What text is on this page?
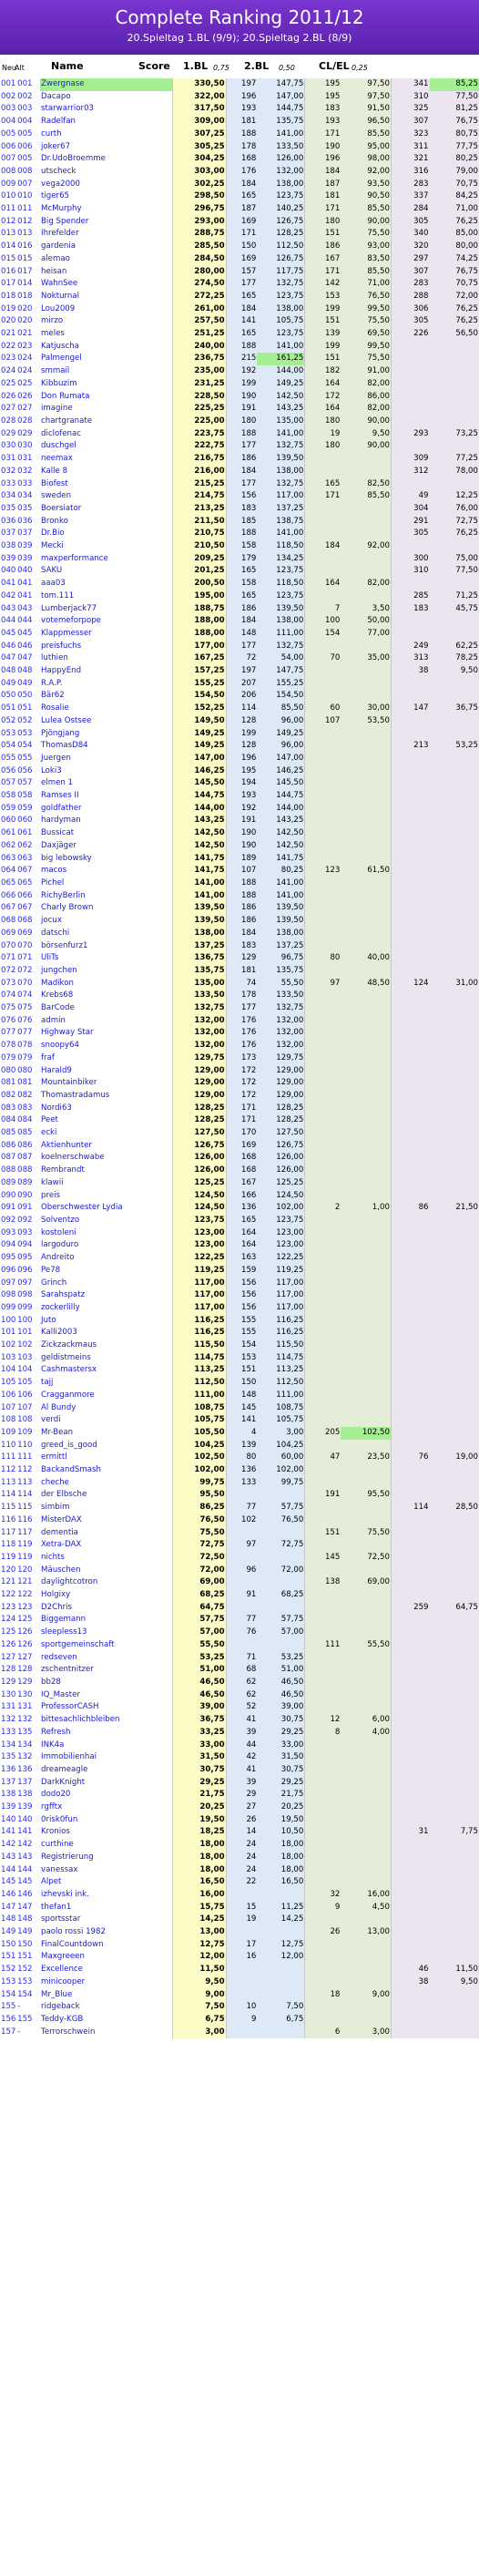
Complete Ranking 2011/12
20.Spieltag 1.BL (9/9); 20.Spieltag 2.BL (8/9)
Neu
Alt	Name	Score 1.BL 0,75 2.BL 0,50 CL/EL 0,25
001	001	Zwergnase	330,50	197	147,75	195	97,50	341	85,25
002	002	Dacapo	322,00	196	147,00	195	97,50	310	77,50
003	003	starwarrior03	317,50	193	144,75	183	91,50	325	81,25
004	004	Radelfan	309,00	181	135,75	193	96,50	307	76,75
005	005	curth	307,25	188	141,00	171	85,50	323	80,75
006	006	joker67	305,25	178	133,50	190	95,00	311	77,75
007	005	Dr.UdoBroemme	304,25	168	126,00	196	98,00	321	80,25
008	008	utscheck	303,00	176	132,00	184	92,00	316	79,00
009	007	vega2000	302,25	184	138,00	187	93,50	283	70,75
010	010	tiger65	298,50	165	123,75	181	90,50	337	84,25
011	011	McMurphy	296,75	187	140,25	171	85,50	284	71,00
012	012	Big Spender	293,00	169	126,75	180	90,00	305	76,25
013	013	Ihrefelder	288,75	171	128,25	151	75,50	340	85,00
014	016	gardenia	285,50	150	112,50	186	93,00	320	80,00
015	015	alemao	284,50	169	126,75	167	83,50	297	74,25
016	017	heisan	280,00	157	117,75	171	85,50	307	76,75
017	014	WahnSee	274,50	177	132,75	142	71,00	283	70,75
018	018	Nokturnal	272,25	165	123,75	153	76,50	288	72,00
019	020	Lou2009	261,00	184	138,00	199	99,50	306	76,25
020	020	mirzo	257,50	141	105,75	151	75,50	305	76,25
021	021	meles	251,25	165	123,75	139	69,50	226	56,50
022	023	Katjuscha	240,00	188	141,00	199	99,50		
023	024	Palmengel	236,75	215	161,25	151	75,50		
024	024	smmail	235,00	192	144,00	182	91,00		
025	025	Kibbuzim	231,25	199	149,25	164	82,00		
026	026	Don Rumata	228,50	190	142,50	172	86,00		
027	027	imagine	225,25	191	143,25	164	82,00		
028	028	chartgranate	225,00	180	135,00	180	90,00		
029	029	diclofenac	223,75	188	141,00	19	9,50	293	73,25
030	030	duschgel	222,75	177	132,75	180	90,00		
031	031	neemax	216,75	186	139,50			309	77,25
032	032	Kalle 8	216,00	184	138,00			312	78,00
033	033	Biofest	215,25	177	132,75	165	82,50		
034	034	sweden	214,75	156	117,00	171	85,50	49	12,25
035	035	Boersiator	213,25	183	137,25			304	76,00
036	036	Bronko	211,50	185	138,75			291	72,75
037	037	Dr.Bio	210,75	188	141,00			305	76,25
038	039	Mecki	210,50	158	118,50	184	92,00		
039	039	maxperformance	209,25	179	134,25			300	75,00
040	040	SAKU	201,25	165	123,75			310	77,50
041	041	aaa03	200,50	158	118,50	164	82,00		
042	041	tom.111	195,00	165	123,75			285	71,25
043	043	Lumberjack77	188,75	186	139,50	7	3,50	183	45,75
044	044	votemeforpope	188,00	184	138,00	100	50,00		
045	045	Klappmesser	188,00	148	111,00	154	77,00		
046	046	preisfuchs	177,00	177	132,75			249	62,25
047	047	luthien	167,25	72	54,00	70	35,00	313	78,25
048	048	HappyEnd	157,25	197	147,75			38	9,50
049	049	R.A.P.	155,25	207	155,25				
050	050	Bär62	154,50	206	154,50				
051	051	Rosalie	152,25	114	85,50	60	30,00	147	36,75
052	052	Lulea Ostsee	149,50	128	96,00	107	53,50		
053	053	Pjöngjang	149,25	199	149,25				
054	054	ThomasD84	149,25	128	96,00			213	53,25
055	055	Juergen	147,00	196	147,00				
056	056	Loki3	146,25	195	146,25				
057	057	elmen 1	145,50	194	145,50				
058	058	Ramses II	144,75	193	144,75				
059	059	goldfather	144,00	192	144,00				
060	060	hardyman	143,25	191	143,25				
061	061	Bussicat	142,50	190	142,50				
062	062	Daxjäger	142,50	190	142,50				
063	063	big lebowsky	141,75	189	141,75				
064	067	macos	141,75	107	80,25	123	61,50		
065	065	Pichel	141,00	188	141,00				
066	066	RichyBerlin	141,00	188	141,00				
067	067	Charly Brown	139,50	186	139,50				
068	068	jocux	139,50	186	139,50				
069	069	datschi	138,00	184	138,00				
070	070	börsenfurz1	137,25	183	137,25				
071	071	UliTs	136,75	129	96,75	80	40,00		
072	072	jungchen	135,75	181	135,75				
073	070	Madikon	135,00	74	55,50	97	48,50	124	31,00
074	074	Krebs68	133,50	178	133,50				
075	075	BarCode	132,75	177	132,75				
076	076	admin	132,00	176	132,00				
077	077	Highway Star	132,00	176	132,00				
078	078	snoopy64	132,00	176	132,00				
079	079	fraf	129,75	173	129,75				
080	080	Harald9	129,00	172	129,00				
081	081	Mountainbiker	129,00	172	129,00				
082	082	Thomastradamus	129,00	172	129,00				
083	083	Nordi63	128,25	171	128,25				
084	084	Peet	128,25	171	128,25				
085	085	ecki	127,50	170	127,50				
086	086	Aktienhunter	126,75	169	126,75				
087	087	koelnerschwabe	126,00	168	126,00				
088	088	Rembrandt	126,00	168	126,00				
089	089	klawii	125,25	167	125,25				
090	090	preis	124,50	166	124,50				
091	091	Oberschwester Lydia	124,50	136	102,00	2	1,00	86	21,50
092	092	Solventzo	123,75	165	123,75				
093	093	kostoleni	123,00	164	123,00				
094	094	largoduro	123,00	164	123,00				
095	095	Andreito	122,25	163	122,25				
096	096	Pe78	119,25	159	119,25				
097	097	Grinch	117,00	156	117,00				
098	098	Sarahspatz	117,00	156	117,00				
099	099	zockerlilly	117,00	156	117,00				
100	100	Juto	116,25	155	116,25				
101	101	Kalli2003	116,25	155	116,25				
102	102	Zickzackmaus	115,50	154	115,50				
103	103	geldistmeins	114,75	153	114,75				
104	104	Cashmastersx	113,25	151	113,25				
105	105	tajj	112,50	150	112,50				
106	106	Cragganmore	111,00	148	111,00				
107	107	Al Bundy	108,75	145	108,75				
108	108	verdi	105,75	141	105,75				
109	109	Mr-Bean	105,50	4	3,00	205	102,50		
110	110	greed_is_good	104,25	139	104,25				
111	111	ermittl	102,50	80	60,00	47	23,50	76	19,00
112	112	BackandSmash	102,00	136	102,00				
113	113	cheche	99,75	133	99,75				
114	114	der Elbsche	95,50			191	95,50		
115	115	simbim	86,25	77	57,75			114	28,50
116	116	MisterDAX	76,50	102	76,50				
117	117	dementia	75,50			151	75,50		
118	119	Xetra-DAX	72,75	97	72,75				
119	119	nichts	72,50			145	72,50		
120	120	Mäuschen	72,00	96	72,00				
121	121	daylightcotron	69,00			138	69,00		
122	122	Holgixy	68,25	91	68,25				
123	123	D2Chris	64,75					259	64,75
124	125	Biggemann	57,75	77	57,75				
125	126	sleepless13	57,00	76	57,00				
126	126	sportgemeinschaft	55,50			111	55,50		
127	127	redseven	53,25	71	53,25				
128	128	zschentnitzer	51,00	68	51,00				
129	129	bb28	46,50	62	46,50				
130	130	IQ_Master	46,50	62	46,50				
131	131	ProfessorCASH	39,00	52	39,00				
132	132	bittesachlichbleiben	36,75	41	30,75	12	6,00		
133	135	Refresh	33,25	39	29,25	8	4,00		
134	134	INK4a	33,00	44	33,00				
135	132	Immobilienhai	31,50	42	31,50				
136	136	dreameagle	30,75	41	30,75				
137	137	DarkKnight	29,25	39	29,25				
138	138	dodo20	21,75	29	21,75				
139	139	rgfftx	20,25	27	20,25				
140	140	0risk0fun	19,50	26	19,50				
141	141	Kronios	18,25	14	10,50			31	7,75
142	142	curthine	18,00	24	18,00				
143	143	Registrierung	18,00	24	18,00				
144	144	vanessax	18,00	24	18,00				
145	145	Alpet	16,50	22	16,50				
146	146	izhevski ink.	16,00			32	16,00		
147	147	thefan1	15,75	15	11,25	9	4,50		
148	148	sportsstar	14,25	19	14,25				
149	149	paolo rossi 1982	13,00			26	13,00		
150	150	FinalCountdown	12,75	17	12,75				
151	151	Maxgreeen	12,00	16	12,00				
152	152	Excellence	11,50					46	11,50
153	153	minicooper	9,50					38	9,50
154	154	Mr_Blue	9,00			18	9,00		
155	-	ridgeback	7,50	10	7,50				
156	155	Teddy-KGB	6,75	9	6,75				
157	-	Terrorschwein	3,00			6	3,00		
